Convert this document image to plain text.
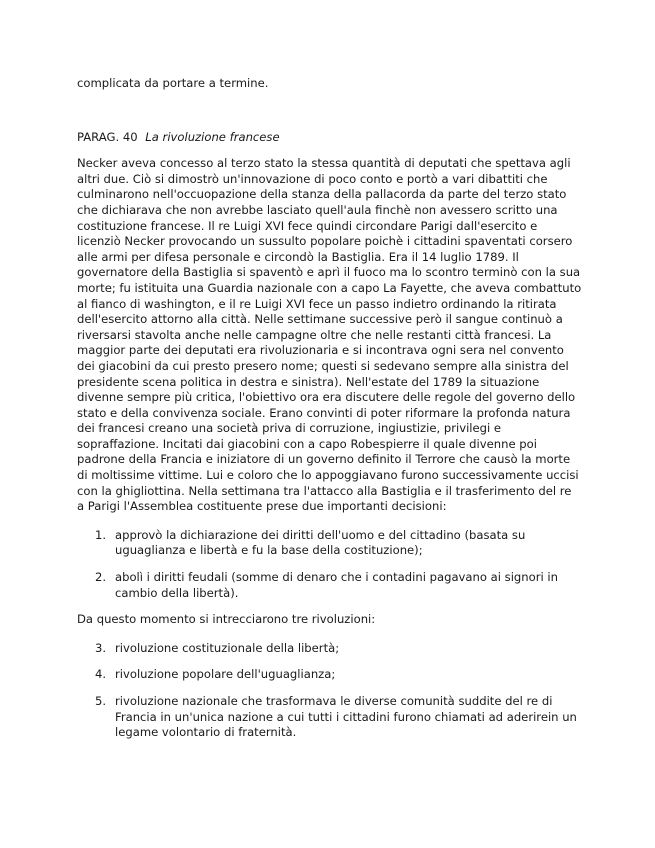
complicata da portare a termine.

PARAG. 40 La rivoluzione francese

Necker aveva concesso al terzo stato la stessa quantità di deputati che spettava agli altri due. Ciò si dimostrò un'innovazione di poco conto e portò a vari dibattiti che culminarono nell'occuopazione della stanza della pallacorda da parte del terzo stato che dichiarava che non avrebbe lasciato quell'aula finchè non avessero scritto una costituzione francese. Il re Luigi XVI fece quindi circondare Parigi dall'esercito e licenziò Necker provocando un sussulto popolare poichè i cittadini spaventati corsero alle armi per difesa personale e circondò la Bastiglia. Era il 14 luglio 1789. Il governatore della Bastiglia si spaventò e aprì il fuoco ma lo scontro terminò con la sua morte; fu istituita una Guardia nazionale con a capo La Fayette, che aveva combattuto al fianco di washington, e il re Luigi XVI fece un passo indietro ordinando la ritirata dell'esercito attorno alla città. Nelle settimane successive però il sangue continuò a riversarsi stavolta anche nelle campagne oltre che nelle restanti città francesi. La maggior parte dei deputati era rivoluzionaria e si incontrava ogni sera nel convento dei giacobini da cui presto presero nome; questi si sedevano sempre alla sinistra del presidente scena politica in destra e sinistra). Nell'estate del 1789 la situazione divenne sempre più critica, l'obiettivo ora era discutere delle regole del governo dello stato e della convivenza sociale. Erano convinti di poter riformare la profonda natura dei francesi creano una società priva di corruzione, ingiustizie, privilegi e sopraffazione. Incitati dai giacobini con a capo Robespierre il quale divenne poi padrone della Francia e iniziatore di un governo definito il Terrore che causò la morte di moltissime vittime. Lui e coloro che lo appoggiavano furono successivamente uccisi con la ghigliottina. Nella settimana tra l'attacco alla Bastiglia e il trasferimento del re a Parigi l'Assemblea costituente prese due importanti decisioni:

1. approvò la dichiarazione dei diritti dell'uomo e del cittadino (basata su uguaglianza e libertà e fu la base della costituzione);
2. abolì i diritti feudali (somme di denaro che i contadini pagavano ai signori in cambio della libertà).

Da questo momento si intrecciarono tre rivoluzioni:

3. rivoluzione costituzionale della libertà;
4. rivoluzione popolare dell'uguaglianza;
5. rivoluzione nazionale che trasformava le diverse comunità suddite del re di Francia in un'unica nazione a cui tutti i cittadini furono chiamati ad aderirein un legame volontario di fraternità.
